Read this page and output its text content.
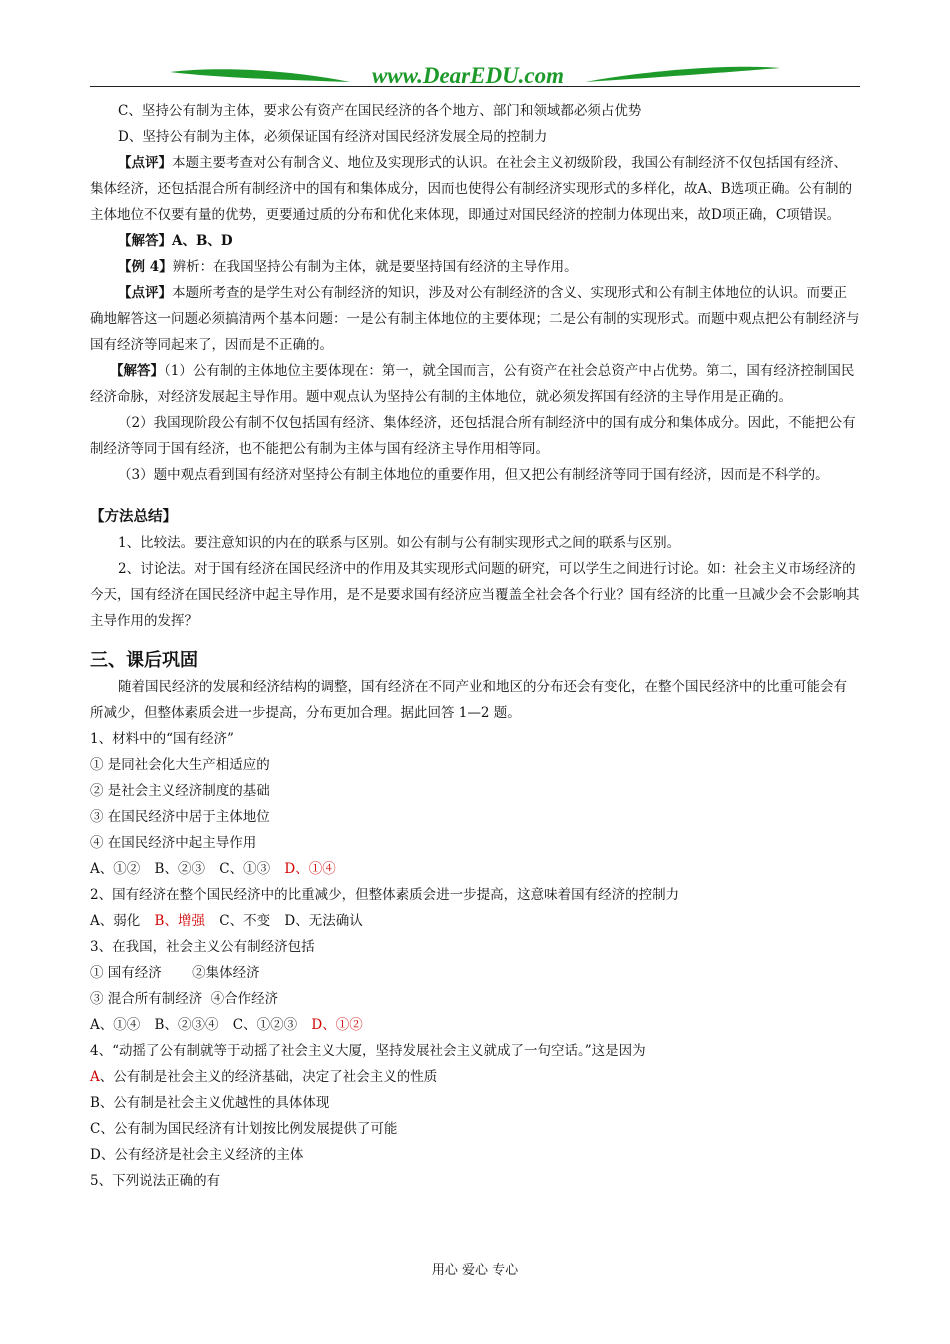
www.DearEDU.com

C、坚持公有制为主体，要求公有资产在国民经济的各个地方、部门和领域都必须占优势

D、坚持公有制为主体，必须保证国有经济对国民经济发展全局的控制力

【点评】本题主要考查对公有制含义、地位及实现形式的认识。在社会主义初级阶段，我国公有制经济不仅包括国有经济、集体经济，还包括混合所有制经济中的国有和集体成分，因而也使得公有制经济实现形式的多样化，故A、B选项正确。公有制的主体地位不仅要有量的优势，更要通过质的分布和优化来体现，即通过对国民经济的控制力体现出来，故D项正确，C项错误。

【解答】A、B、D

【例 4】辨析：在我国坚持公有制为主体，就是要坚持国有经济的主导作用。

【点评】本题所考查的是学生对公有制经济的知识，涉及对公有制经济的含义、实现形式和公有制主体地位的认识。而要正确地解答这一问题必须搞清两个基本问题：一是公有制主体地位的主要体现；二是公有制的实现形式。而题中观点把公有制经济与国有经济等同起来了，因而是不正确的。

【解答】（1）公有制的主体地位主要体现在：第一，就全国而言，公有资产在社会总资产中占优势。第二，国有经济控制国民经济命脉，对经济发展起主导作用。题中观点认为坚持公有制的主体地位，就必须发挥国有经济的主导作用是正确的。

（2）我国现阶段公有制不仅包括国有经济、集体经济，还包括混合所有制经济中的国有成分和集体成分。因此，不能把公有制经济等同于国有经济，也不能把公有制为主体与国有经济主导作用相等同。

（3）题中观点看到国有经济对坚持公有制主体地位的重要作用，但又把公有制经济等同于国有经济，因而是不科学的。

【方法总结】

1、比较法。要注意知识的内在的联系与区别。如公有制与公有制实现形式之间的联系与区别。

2、讨论法。对于国有经济在国民经济中的作用及其实现形式问题的研究，可以学生之间进行讨论。如：社会主义市场经济的今天，国有经济在国民经济中起主导作用，是不是要求国有经济应当覆盖全社会各个行业？国有经济的比重一旦减少会不会影响其主导作用的发挥？

三、课后巩固

随着国民经济的发展和经济结构的调整，国有经济在不同产业和地区的分布还会有变化，在整个国民经济中的比重可能会有所减少，但整体素质会进一步提高，分布更加合理。据此回答 1—2 题。

1、材料中的“国有经济”

① 是同社会化大生产相适应的

② 是社会主义经济制度的基础

③ 在国民经济中居于主体地位

④ 在国民经济中起主导作用

A、①② B、②③ C、①③ D、①④

2、国有经济在整个国民经济中的比重减少，但整体素质会进一步提高，这意味着国有经济的控制力

A、弱化 B、增强 C、不变 D、无法确认

3、在我国，社会主义公有制经济包括

① 国有经济 ②集体经济

③ 混合所有制经济 ④合作经济

A、①④ B、②③④ C、①②③ D、①②

4、“动摇了公有制就等于动摇了社会主义大厦，坚持发展社会主义就成了一句空话。”这是因为

A、公有制是社会主义的经济基础，决定了社会主义的性质

B、公有制是社会主义优越性的具体体现

C、公有制为国民经济有计划按比例发展提供了可能

D、公有经济是社会主义经济的主体

5、下列说法正确的有

用心 爱心 专心
